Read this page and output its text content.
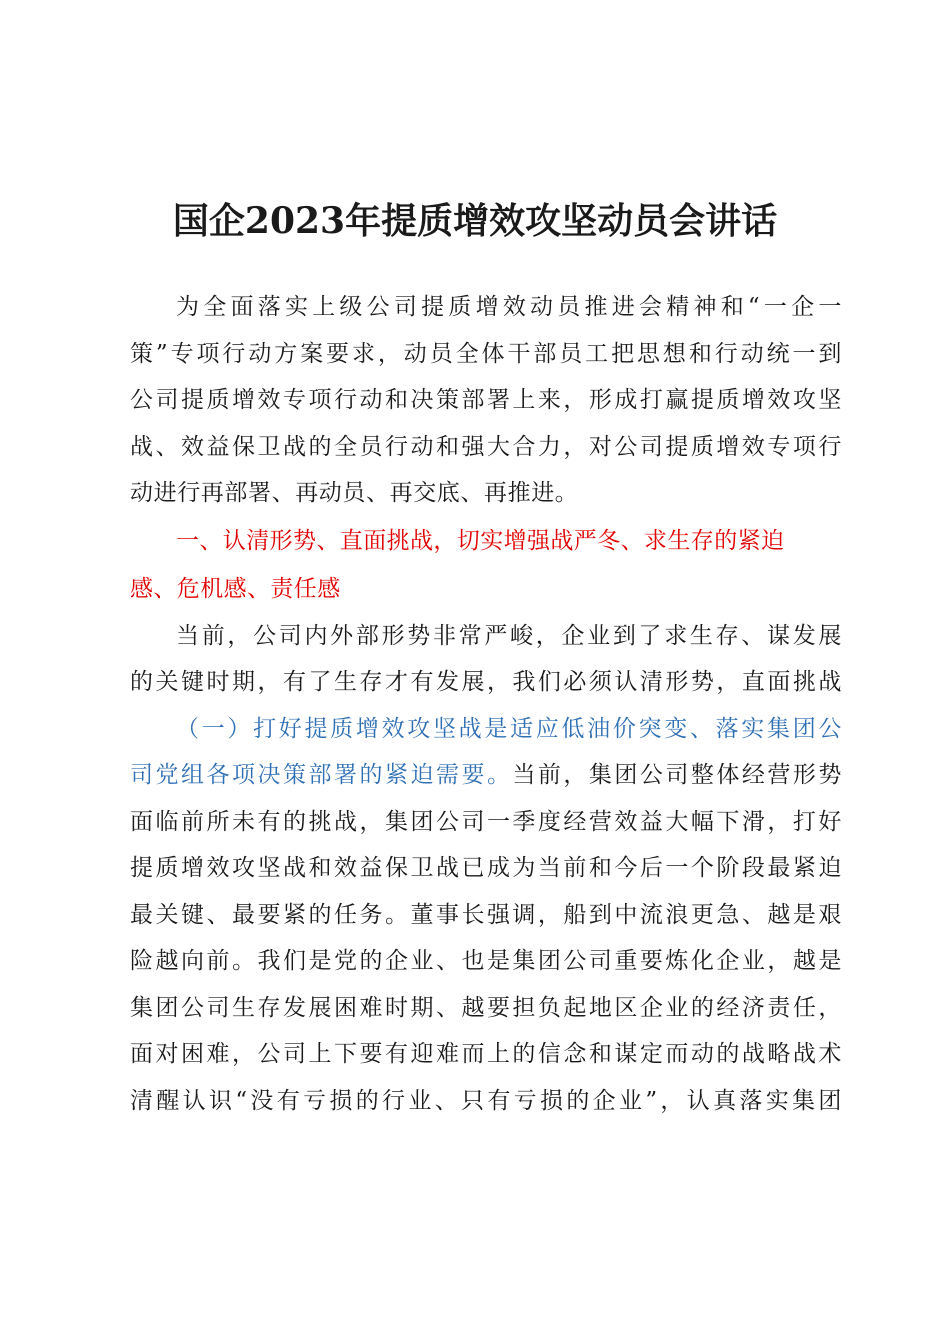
国企2023年提质增效攻坚动员会讲话

为全面落实上级公司提质增效动员推进会精神和“一企一

策”专项行动方案要求，动员全体干部员工把思想和行动统一到

公司提质增效专项行动和决策部署上来，形成打赢提质增效攻坚

战、效益保卫战的全员行动和强大合力，对公司提质增效专项行

动进行再部署、再动员、再交底、再推进。

一、认清形势、直面挑战，切实增强战严冬、求生存的紧迫

感、危机感、责任感

当前，公司内外部形势非常严峻，企业到了求生存、谋发展

的关键时期，有了生存才有发展，我们必须认清形势，直面挑战

（一）打好提质增效攻坚战是适应低油价突变、落实集团公

司党组各项决策部署的紧迫需要。当前，集团公司整体经营形势

面临前所未有的挑战，集团公司一季度经营效益大幅下滑，打好

提质增效攻坚战和效益保卫战已成为当前和今后一个阶段最紧迫

最关键、最要紧的任务。董事长强调，船到中流浪更急、越是艰

险越向前。我们是党的企业、也是集团公司重要炼化企业，越是

集团公司生存发展困难时期、越要担负起地区企业的经济责任，

面对困难，公司上下要有迎难而上的信念和谋定而动的战略战术

清醒认识“没有亏损的行业、只有亏损的企业”，认真落实集团
